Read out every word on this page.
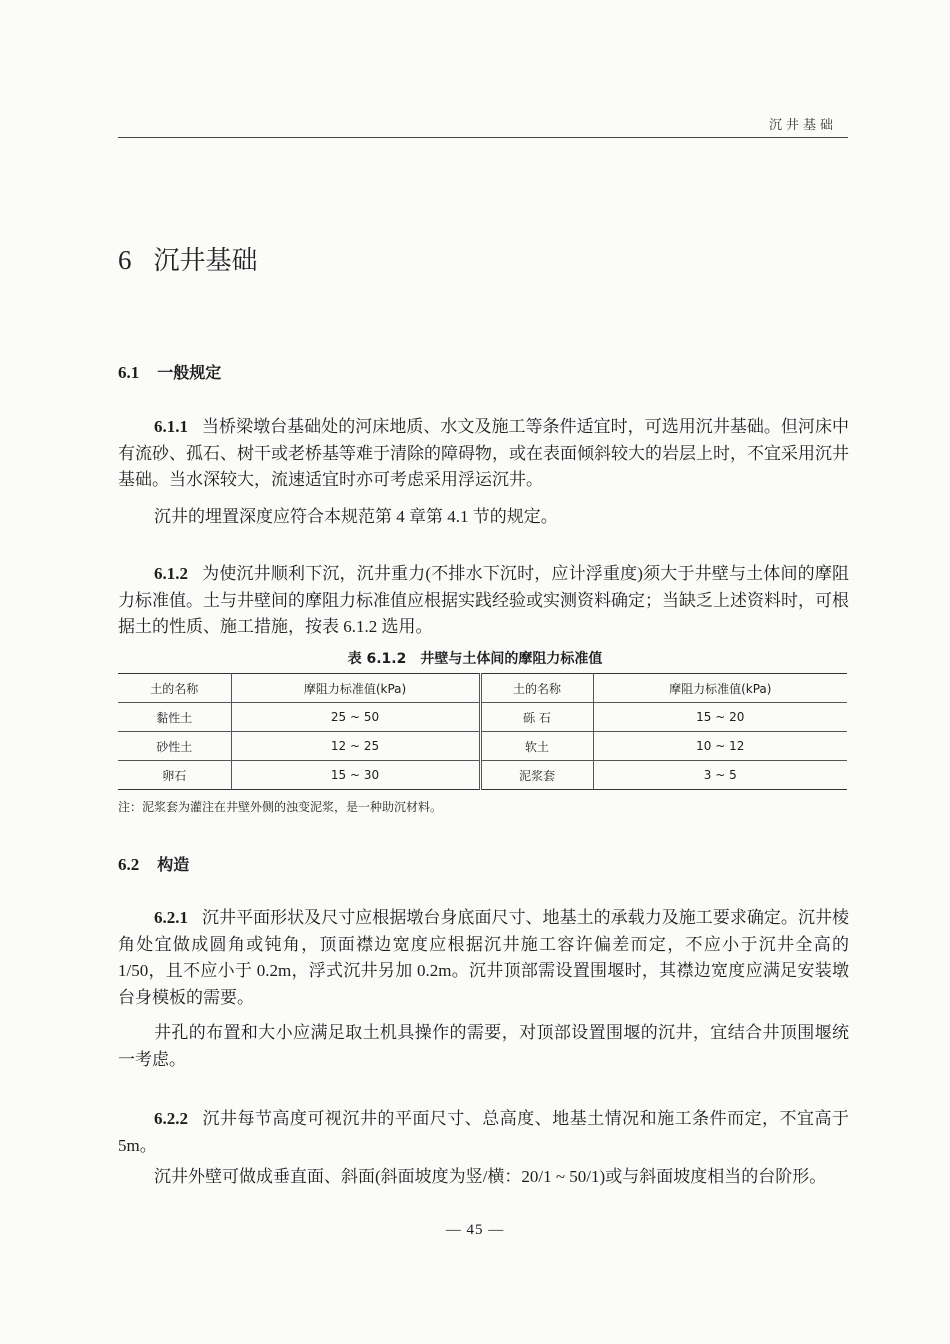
沉井基础
6 沉井基础
6.1 一般规定

6.1.1 当桥梁墩台基础处的河床地质、水文及施工等条件适宜时，可选用沉井基础。但河床中有流砂、孤石、树干或老桥基等难于清除的障碍物，或在表面倾斜较大的岩层上时，不宜采用沉井基础。当水深较大，流速适宜时亦可考虑采用浮运沉井。

沉井的埋置深度应符合本规范第 4 章第 4.1 节的规定。

6.1.2 为使沉井顺利下沉，沉井重力(不排水下沉时，应计浮重度)须大于井壁与土体间的摩阻力标准值。土与井壁间的摩阻力标准值应根据实践经验或实测资料确定；当缺乏上述资料时，可根据土的性质、施工措施，按表 6.1.2 选用。

表 6.1.2　井壁与土体间的摩阻力标准值
土的名称	摩阻力标准值(kPa)	土的名称	摩阻力标准值(kPa)
黏性土	25 ~ 50	砾 石	15 ~ 20
砂性土	12 ~ 25	软土	10 ~ 12
卵石	15 ~ 30	泥浆套	3 ~ 5
注：泥浆套为灌注在井壁外侧的浊变泥浆，是一种助沉材料。
6.2 构造

6.2.1 沉井平面形状及尺寸应根据墩台身底面尺寸、地基土的承载力及施工要求确定。沉井棱角处宜做成圆角或钝角，顶面襟边宽度应根据沉井施工容许偏差而定，不应小于沉井全高的 1/50，且不应小于 0.2m，浮式沉井另加 0.2m。沉井顶部需设置围堰时，其襟边宽度应满足安装墩台身模板的需要。

井孔的布置和大小应满足取土机具操作的需要，对顶部设置围堰的沉井，宜结合井顶围堰统一考虑。

6.2.2 沉井每节高度可视沉井的平面尺寸、总高度、地基土情况和施工条件而定，不宜高于 5m。

沉井外壁可做成垂直面、斜面(斜面坡度为竖/横：20/1 ~ 50/1)或与斜面坡度相当的台阶形。

— 45 —
